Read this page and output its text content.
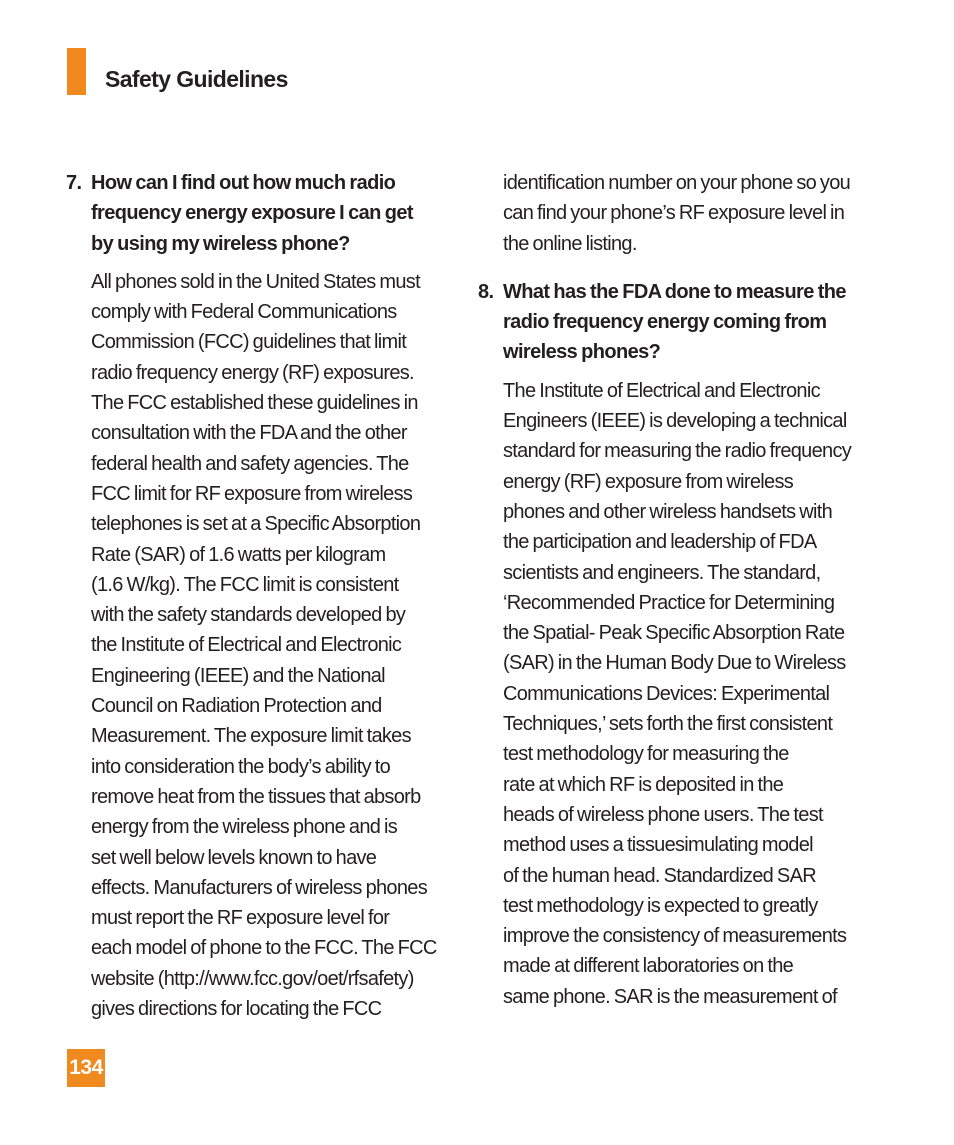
Safety Guidelines
7. How can I find out how much radio
frequency energy exposure I can get
by using my wireless phone?
All phones sold in the United States must
comply with Federal Communications
Commission (FCC) guidelines that limit
radio frequency energy (RF) exposures.
The FCC established these guidelines in
consultation with the FDA and the other
federal health and safety agencies. The
FCC limit for RF exposure from wireless
telephones is set at a Specific Absorption
Rate (SAR) of 1.6 watts per kilogram
(1.6 W/kg). The FCC limit is consistent
with the safety standards developed by
the Institute of Electrical and Electronic
Engineering (IEEE) and the National
Council on Radiation Protection and
Measurement. The exposure limit takes
into consideration the body’s ability to
remove heat from the tissues that absorb
energy from the wireless phone and is
set well below levels known to have
effects. Manufacturers of wireless phones
must report the RF exposure level for
each model of phone to the FCC. The FCC
website (http://www.fcc.gov/oet/rfsafety)
gives directions for locating the FCC
identification number on your phone so you
can find your phone’s RF exposure level in
the online listing.
8. What has the FDA done to measure the
radio frequency energy coming from
wireless phones?
The Institute of Electrical and Electronic
Engineers (IEEE) is developing a technical
standard for measuring the radio frequency
energy (RF) exposure from wireless
phones and other wireless handsets with
the participation and leadership of FDA
scientists and engineers. The standard,
‘Recommended Practice for Determining
the Spatial- Peak Specific Absorption Rate
(SAR) in the Human Body Due to Wireless
Communications Devices: Experimental
Techniques,’ sets forth the first consistent
test methodology for measuring the
rate at which RF is deposited in the
heads of wireless phone users. The test
method uses a tissuesimulating model
of the human head. Standardized SAR
test methodology is expected to greatly
improve the consistency of measurements
made at different laboratories on the
same phone. SAR is the measurement of
134
